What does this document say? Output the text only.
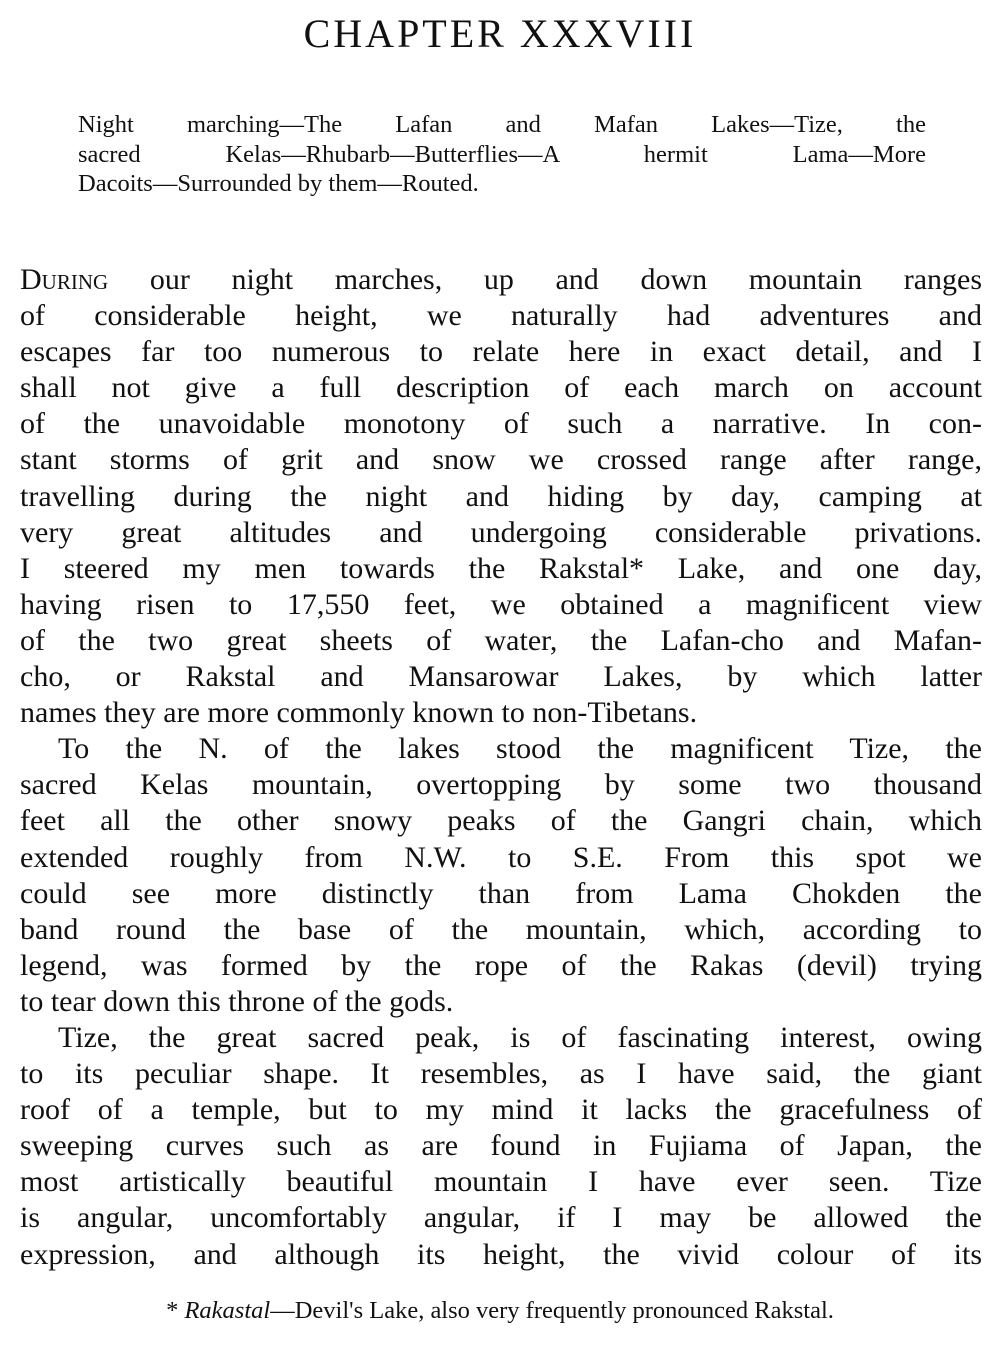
CHAPTER XXXVIII
Night marching—The Lafan and Mafan Lakes—Tize, the
sacred Kelas—Rhubarb—Butterflies—A hermit Lama—More
Dacoits—Surrounded by them—Routed.
During our night marches, up and down mountain ranges
of considerable height, we naturally had adventures and
escapes far too numerous to relate here in exact detail, and I
shall not give a full description of each march on account
of the unavoidable monotony of such a narrative. In con-
stant storms of grit and snow we crossed range after range,
travelling during the night and hiding by day, camping at
very great altitudes and undergoing considerable privations.
I steered my men towards the Rakstal* Lake, and one day,
having risen to 17,550 feet, we obtained a magnificent view
of the two great sheets of water, the Lafan-cho and Mafan-
cho, or Rakstal and Mansarowar Lakes, by which latter
names they are more commonly known to non-Tibetans.
To the N. of the lakes stood the magnificent Tize, the
sacred Kelas mountain, overtopping by some two thousand
feet all the other snowy peaks of the Gangri chain, which
extended roughly from N.W. to S.E. From this spot we
could see more distinctly than from Lama Chokden the
band round the base of the mountain, which, according to
legend, was formed by the rope of the Rakas (devil) trying
to tear down this throne of the gods.
Tize, the great sacred peak, is of fascinating interest, owing
to its peculiar shape. It resembles, as I have said, the giant
roof of a temple, but to my mind it lacks the gracefulness of
sweeping curves such as are found in Fujiama of Japan, the
most artistically beautiful mountain I have ever seen. Tize
is angular, uncomfortably angular, if I may be allowed the
expression, and although its height, the vivid colour of its
* Rakastal—Devil's Lake, also very frequently pronounced Rakstal.
